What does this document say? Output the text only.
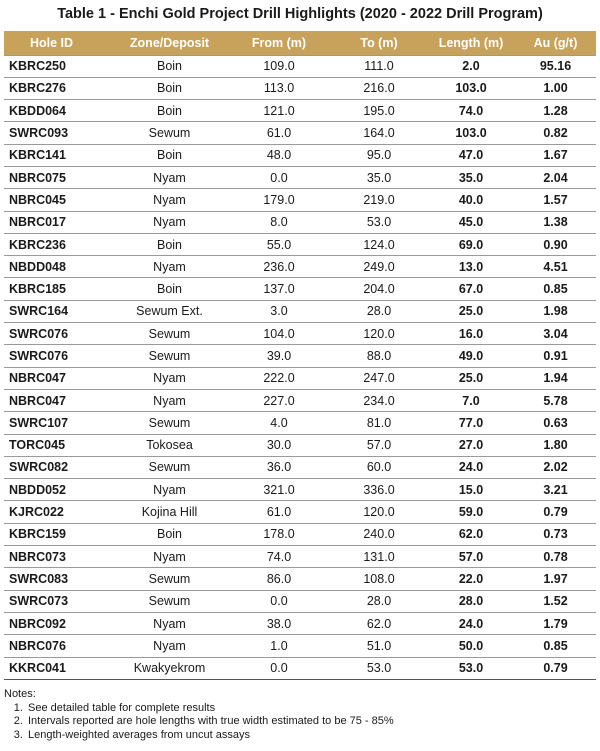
Table 1 - Enchi Gold Project Drill Highlights (2020 - 2022 Drill Program)
Hole ID	Zone/Deposit	From (m)	To (m)	Length (m)	Au (g/t)
KBRC250	Boin	109.0	111.0	2.0	95.16
KBRC276	Boin	113.0	216.0	103.0	1.00
KBDD064	Boin	121.0	195.0	74.0	1.28
SWRC093	Sewum	61.0	164.0	103.0	0.82
KBRC141	Boin	48.0	95.0	47.0	1.67
NBRC075	Nyam	0.0	35.0	35.0	2.04
NBRC045	Nyam	179.0	219.0	40.0	1.57
NBRC017	Nyam	8.0	53.0	45.0	1.38
KBRC236	Boin	55.0	124.0	69.0	0.90
NBDD048	Nyam	236.0	249.0	13.0	4.51
KBRC185	Boin	137.0	204.0	67.0	0.85
SWRC164	Sewum Ext.	3.0	28.0	25.0	1.98
SWRC076	Sewum	104.0	120.0	16.0	3.04
SWRC076	Sewum	39.0	88.0	49.0	0.91
NBRC047	Nyam	222.0	247.0	25.0	1.94
NBRC047	Nyam	227.0	234.0	7.0	5.78
SWRC107	Sewum	4.0	81.0	77.0	0.63
TORC045	Tokosea	30.0	57.0	27.0	1.80
SWRC082	Sewum	36.0	60.0	24.0	2.02
NBDD052	Nyam	321.0	336.0	15.0	3.21
KJRC022	Kojina Hill	61.0	120.0	59.0	0.79
KBRC159	Boin	178.0	240.0	62.0	0.73
NBRC073	Nyam	74.0	131.0	57.0	0.78
SWRC083	Sewum	86.0	108.0	22.0	1.97
SWRC073	Sewum	0.0	28.0	28.0	1.52
NBRC092	Nyam	38.0	62.0	24.0	1.79
NBRC076	Nyam	1.0	51.0	50.0	0.85
KKRC041	Kwakyekrom	0.0	53.0	53.0	0.79
Notes:
1. See detailed table for complete results
2. Intervals reported are hole lengths with true width estimated to be 75 - 85%
3. Length-weighted averages from uncut assays
